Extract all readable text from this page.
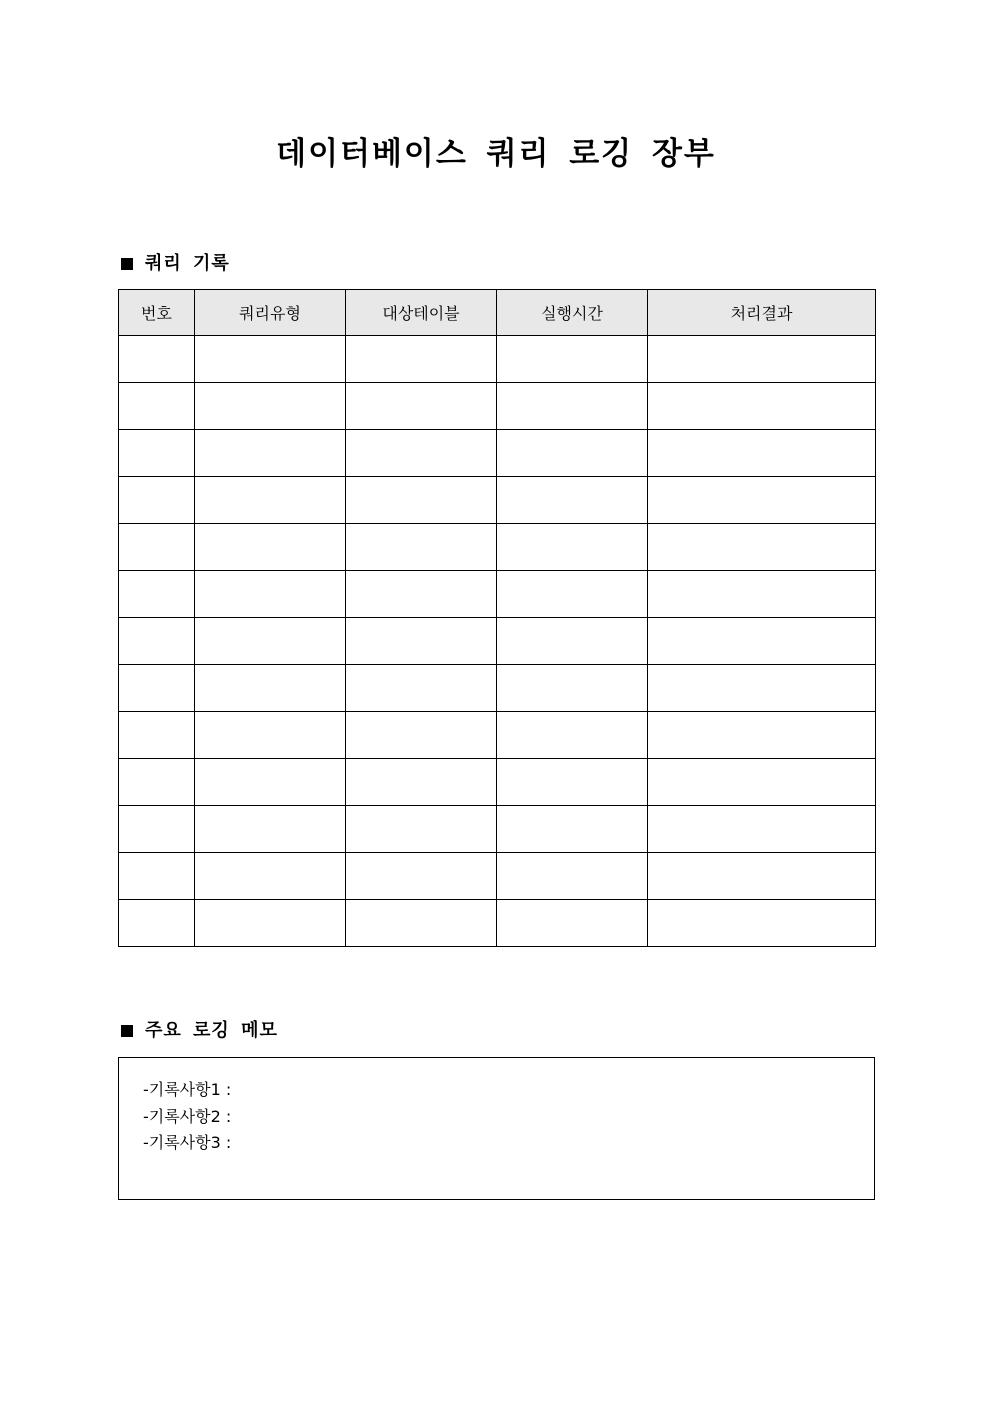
데이터베이스 쿼리 로깅 장부
쿼리 기록
번호	쿼리유형	대상테이블	실행시간	처리결과

주요 로깅 메모
-기록사항1 :
-기록사항2 :
-기록사항3 :
